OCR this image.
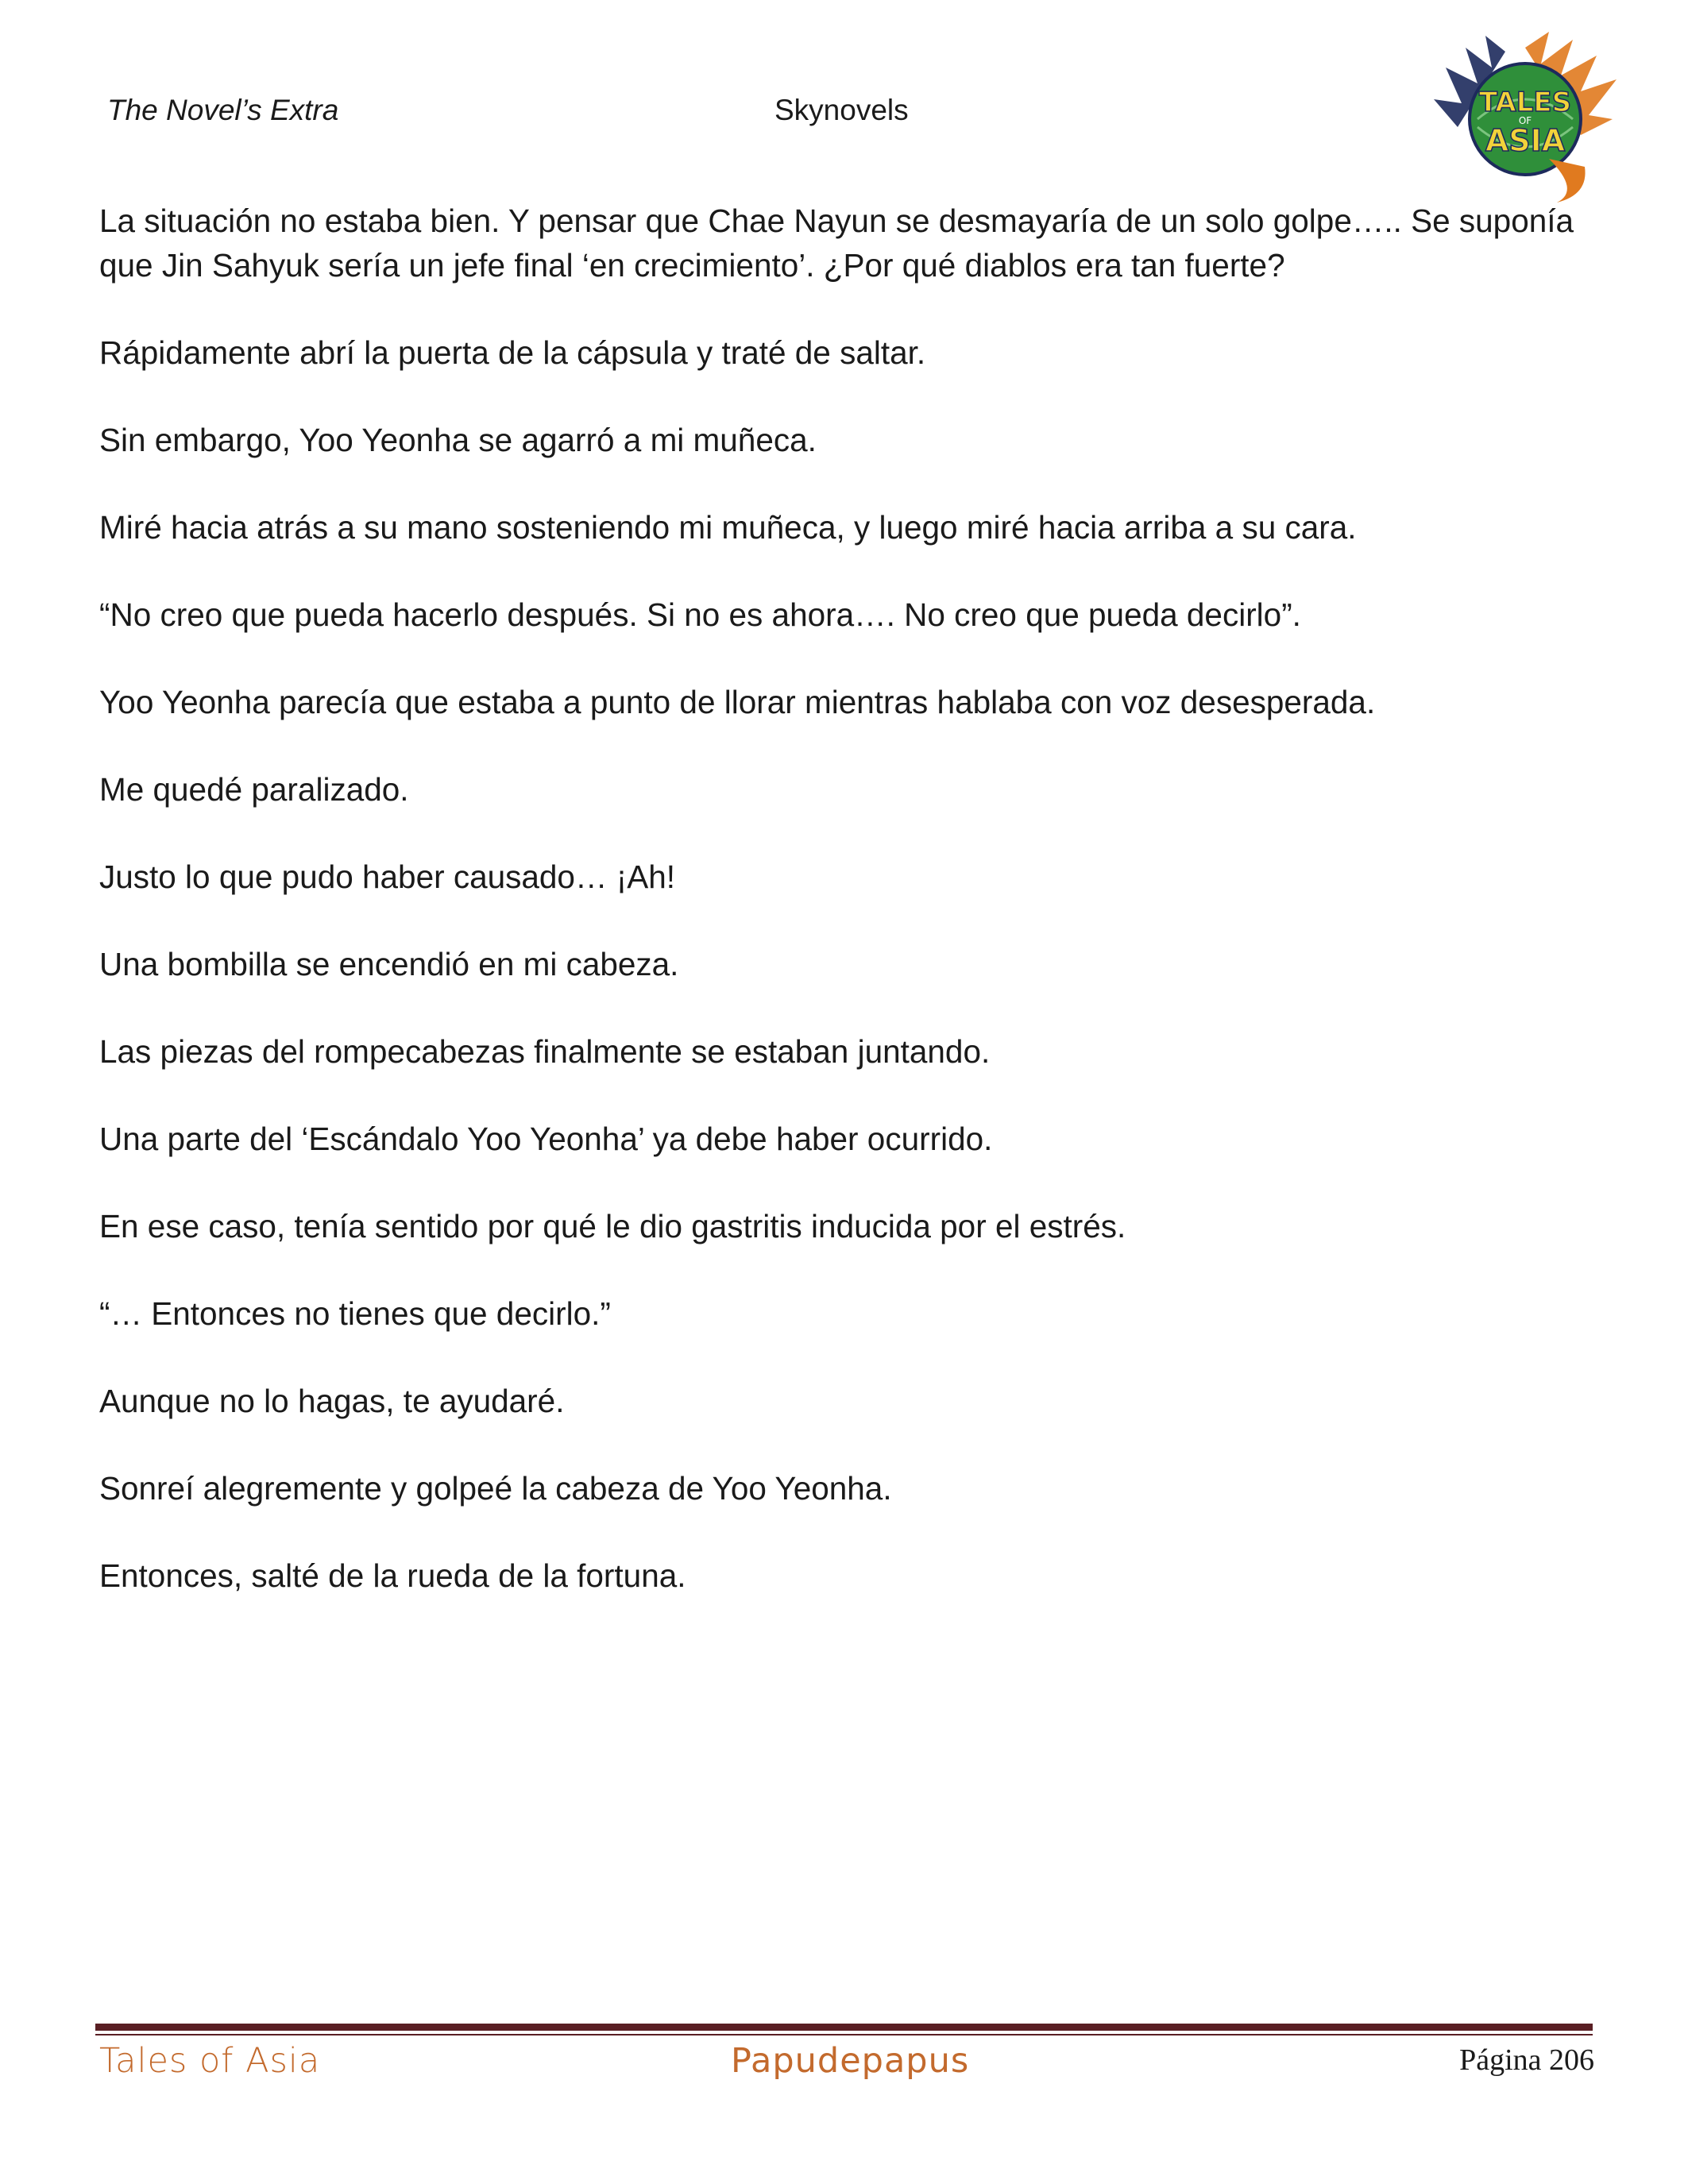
The Novel’s Extra	Skynovels	TALES
OF
ASIA

La situación no estaba bien. Y pensar que Chae Nayun se desmayaría de un solo golpe….. Se suponía que Jin Sahyuk sería un jefe final ‘en crecimiento’. ¿Por qué diablos era tan fuerte?

Rápidamente abrí la puerta de la cápsula y traté de saltar.

Sin embargo, Yoo Yeonha se agarró a mi muñeca.

Miré hacia atrás a su mano sosteniendo mi muñeca, y luego miré hacia arriba a su cara.

“No creo que pueda hacerlo después. Si no es ahora…. No creo que pueda decirlo”.

Yoo Yeonha parecía que estaba a punto de llorar mientras hablaba con voz desesperada.

Me quedé paralizado.

Justo lo que pudo haber causado… ¡Ah!

Una bombilla se encendió en mi cabeza.

Las piezas del rompecabezas finalmente se estaban juntando.

Una parte del ‘Escándalo Yoo Yeonha’ ya debe haber ocurrido.

En ese caso, tenía sentido por qué le dio gastritis inducida por el estrés.

“… Entonces no tienes que decirlo.”

Aunque no lo hagas, te ayudaré.

Sonreí alegremente y golpeé la cabeza de Yoo Yeonha.

Entonces, salté de la rueda de la fortuna.

Tales of Asia	Papudepapus	Página 206
